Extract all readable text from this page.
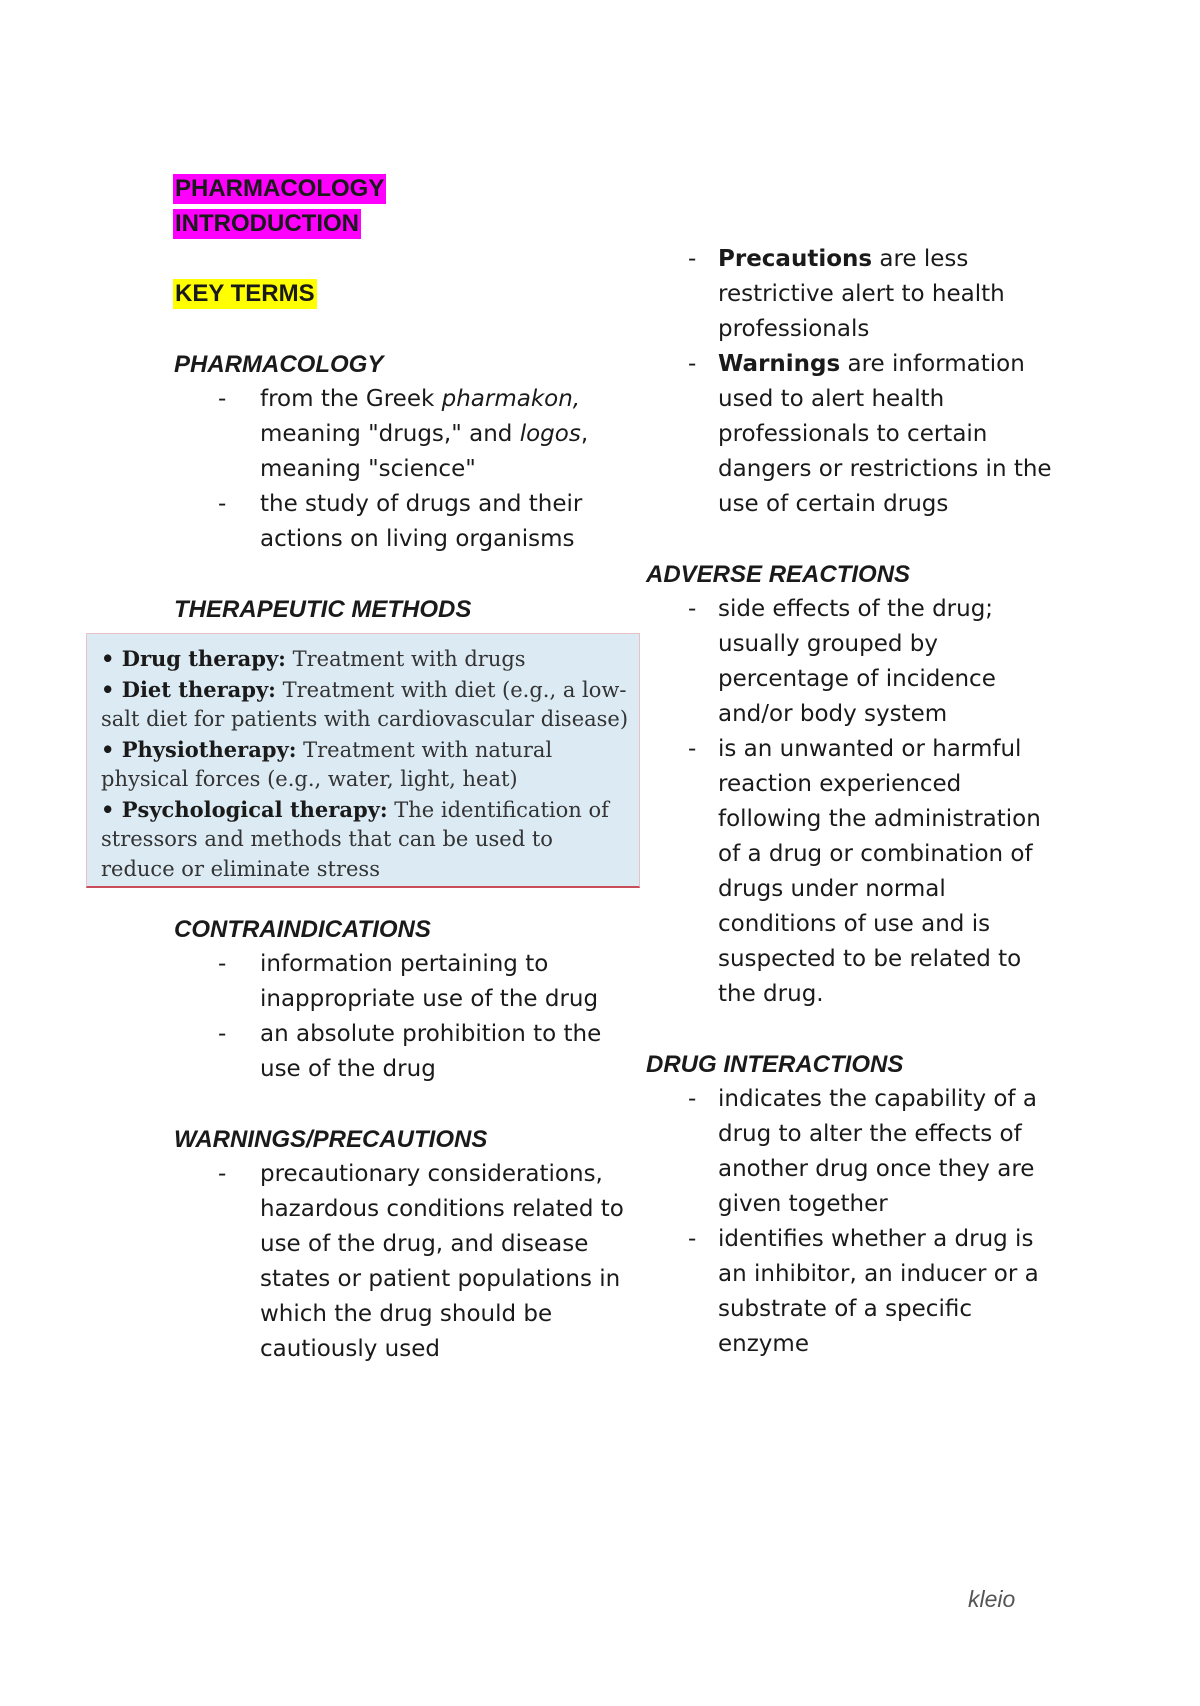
PHARMACOLOGY
INTRODUCTION
KEY TERMS
PHARMACOLOGY
- from the Greek pharmakon, meaning "drugs," and logos, meaning "science"
- the study of drugs and their actions on living organisms
THERAPEUTIC METHODS
• Drug therapy: Treatment with drugs
• Diet therapy: Treatment with diet (e.g., a low-salt diet for patients with cardiovascular disease)
• Physiotherapy: Treatment with natural physical forces (e.g., water, light, heat)
• Psychological therapy: The identification of stressors and methods that can be used to reduce or eliminate stress
CONTRAINDICATIONS
- information pertaining to inappropriate use of the drug
- an absolute prohibition to the use of the drug
WARNINGS/PRECAUTIONS
- precautionary considerations, hazardous conditions related to use of the drug, and disease states or patient populations in which the drug should be cautiously used
- Precautions are less restrictive alert to health professionals
- Warnings are information used to alert health professionals to certain dangers or restrictions in the use of certain drugs
ADVERSE REACTIONS
- side effects of the drug; usually grouped by percentage of incidence and/or body system
- is an unwanted or harmful reaction experienced following the administration of a drug or combination of drugs under normal conditions of use and is suspected to be related to the drug.
DRUG INTERACTIONS
- indicates the capability of a drug to alter the effects of another drug once they are given together
- identifies whether a drug is an inhibitor, an inducer or a substrate of a specific enzyme
kleio
